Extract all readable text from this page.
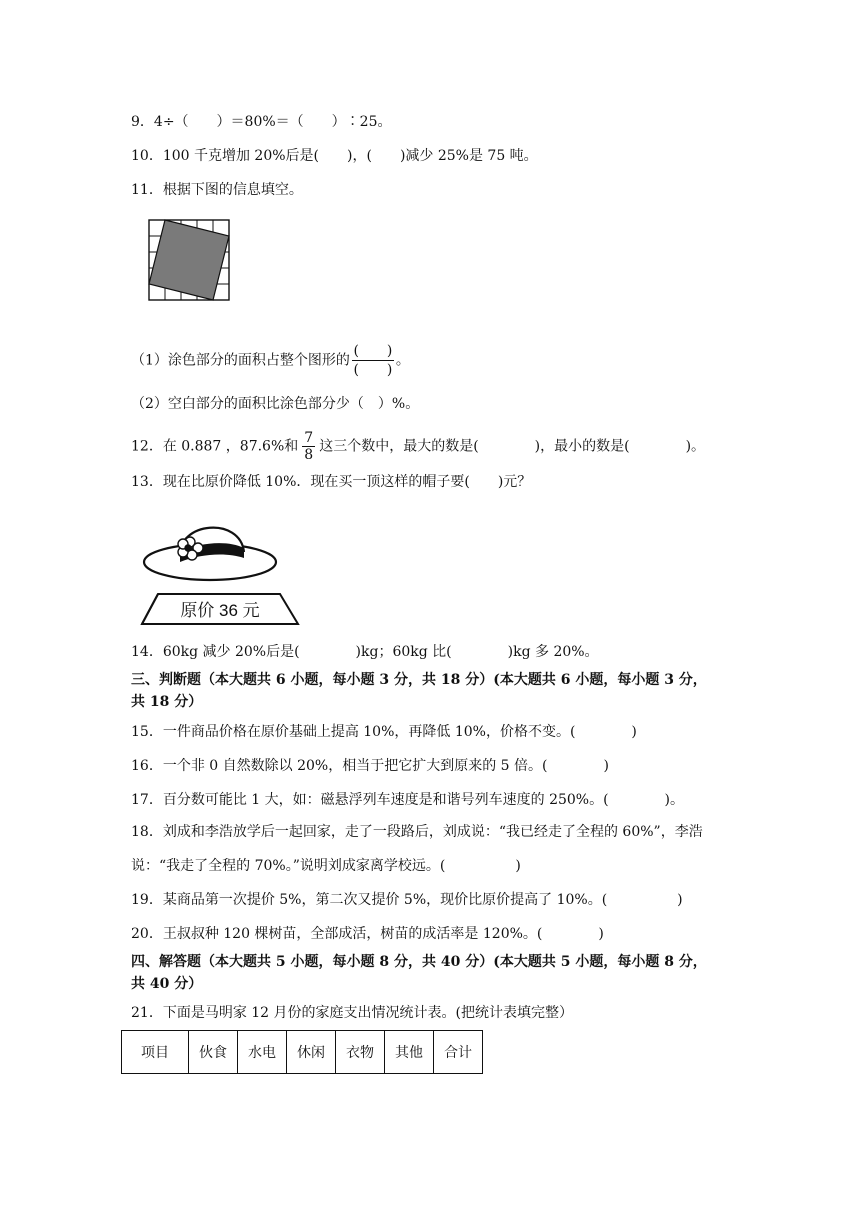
9．4÷（　　）＝80%＝（　　）∶25。
10．100 千克增加 20%后是(　　)，(　　)减少 25%是 75 吨。
11．根据下图的信息填空。
（1）涂色部分的面积占整个图形的 $\frac{( )}{( )}$ 。
（2）空白部分的面积比涂色部分少（　）%。
12．在 0.887 ，87.6%和 $\frac{7}{8}$ 这三个数中，最大的数是(　　　　)，最小的数是(　　　　)。
13．现在比原价降低 10%．现在买一顶这样的帽子要(　　)元？
原价 36 元
14．60kg 减少 20%后是(　　　　)kg；60kg 比(　　　　)kg 多 20%。
三、判断题（本大题共 6 小题，每小题 3 分，共 18 分）(本大题共 6 小题，每小题 3 分，
共 18 分）
15．一件商品价格在原价基础上提高 10%，再降低 10%，价格不变。(　　　　)
16．一个非 0 自然数除以 20%，相当于把它扩大到原来的 5 倍。(　　　　)
17．百分数可能比 1 大，如：磁悬浮列车速度是和谐号列车速度的 250%。(　　　　)。
18．刘成和李浩放学后一起回家，走了一段路后，刘成说：“我已经走了全程的 60%”，李浩
说：“我走了全程的 70%。”说明刘成家离学校远。(　　　　　)
19．某商品第一次提价 5%，第二次又提价 5%，现价比原价提高了 10%。(　　　　　)
20．王叔叔种 120 棵树苗，全部成活，树苗的成活率是 120%。(　　　　)
四、解答题（本大题共 5 小题，每小题 8 分，共 40 分）(本大题共 5 小题，每小题 8 分，
共 40 分）
21．下面是马明家 12 月份的家庭支出情况统计表。(把统计表填完整）
项目	伙食	水电	休闲	衣物	其他	合计
